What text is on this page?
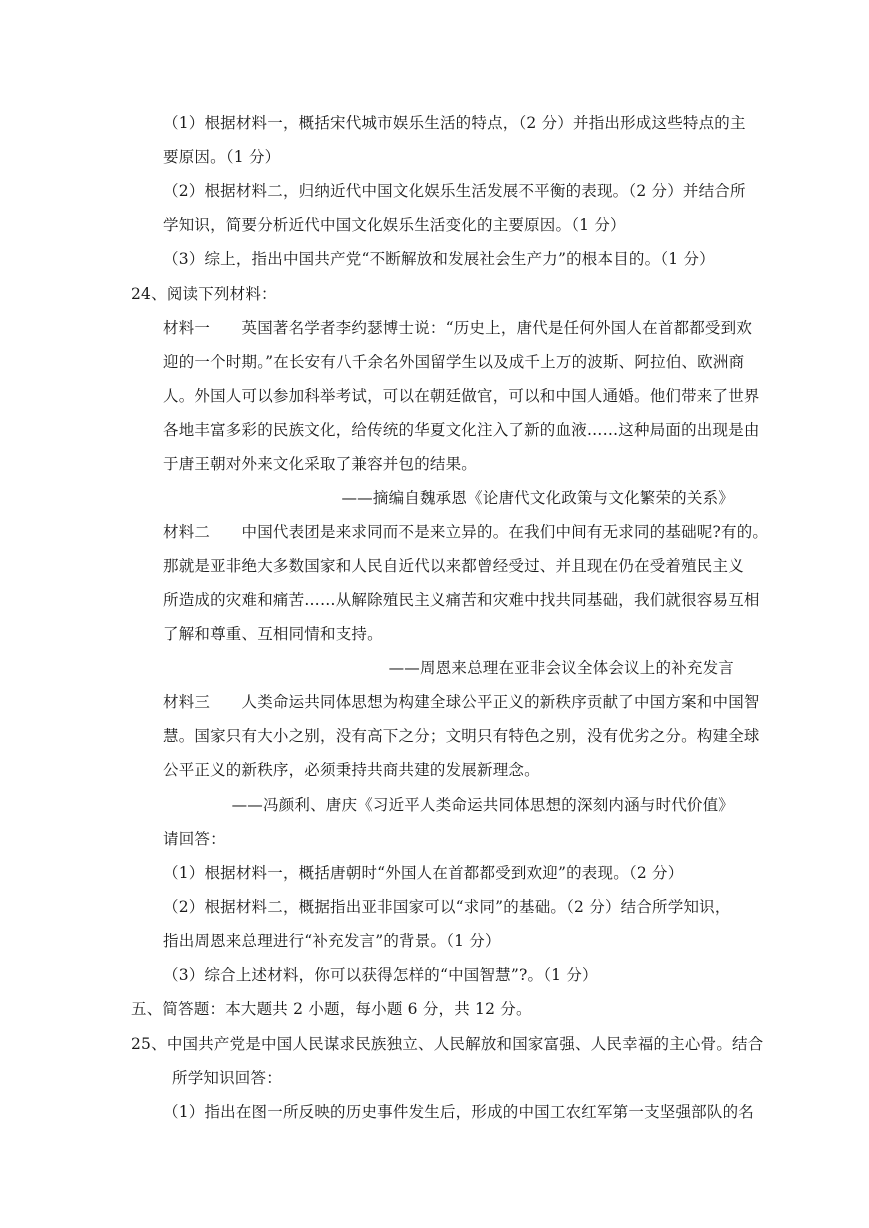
（1）根据材料一，概括宋代城市娱乐生活的特点，（2 分）并指出形成这些特点的主
要原因。（1 分）
（2）根据材料二，归纳近代中国文化娱乐生活发展不平衡的表现。（2 分）并结合所
学知识，简要分析近代中国文化娱乐生活变化的主要原因。（1 分）
（3）综上，指出中国共产党“不断解放和发展社会生产力”的根本目的。（1 分）
24、阅读下列材料：
材料一　　英国著名学者李约瑟博士说：“历史上，唐代是任何外国人在首都都受到欢
迎的一个时期。”在长安有八千余名外国留学生以及成千上万的波斯、阿拉伯、欧洲商
人。外国人可以参加科举考试，可以在朝廷做官，可以和中国人通婚。他们带来了世界
各地丰富多彩的民族文化，给传统的华夏文化注入了新的血液……这种局面的出现是由
于唐王朝对外来文化采取了兼容并包的结果。
——摘编自魏承恩《论唐代文化政策与文化繁荣的关系》
材料二　　中国代表团是来求同而不是来立异的。在我们中间有无求同的基础呢?有的。
那就是亚非绝大多数国家和人民自近代以来都曾经受过、并且现在仍在受着殖民主义
所造成的灾难和痛苦……从解除殖民主义痛苦和灾难中找共同基础，我们就很容易互相
了解和尊重、互相同情和支持。
——周恩来总理在亚非会议全体会议上的补充发言
材料三　　人类命运共同体思想为构建全球公平正义的新秩序贡献了中国方案和中国智
慧。国家只有大小之别，没有高下之分；文明只有特色之别，没有优劣之分。构建全球
公平正义的新秩序，必须秉持共商共建的发展新理念。
——冯颜利、唐庆《习近平人类命运共同体思想的深刻内涵与时代价值》
请回答：
（1）根据材料一，概括唐朝时“外国人在首都都受到欢迎”的表现。（2 分）
（2）根据材料二，概据指出亚非国家可以“求同”的基础。（2 分）结合所学知识，
指出周恩来总理进行“补充发言”的背景。（1 分）
（3）综合上述材料，你可以获得怎样的“中国智慧”?。（1 分）
五、简答题：本大题共 2 小题，每小题 6 分，共 12 分。
25、中国共产党是中国人民谋求民族独立、人民解放和国家富强、人民幸福的主心骨。结合
所学知识回答：
（1）指出在图一所反映的历史事件发生后，形成的中国工农红军第一支坚强部队的名
